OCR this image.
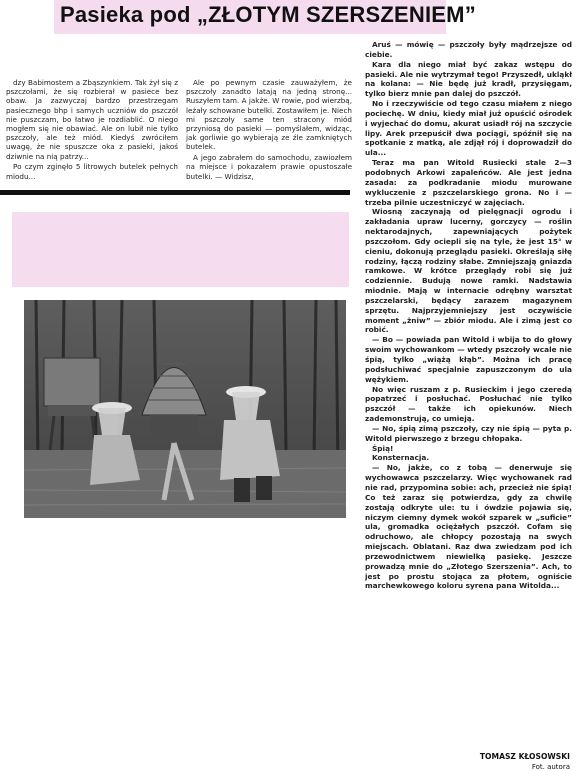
Pasieka pod „ZŁOTYM SZERSZENIEM”

dzy Babimostem a Zbąszynkiem. Tak żył się z pszczołami, że się rozbierał w pasiece bez obaw. Ja zazwyczaj bardzo przestrzegam pasiecznego bhp i samych uczniów do pszczół nie puszczam, bo łatwo je rozdiablić. O niego mogłem się nie obawiać. Ale on lubił nie tylko pszczoły, ale też miód. Kiedyś zwróciłem uwagę, że nie spuszcze oka z pasieki, jakoś dziwnie na nią patrzy...

Po czym zginęło 5 litrowych butelek pełnych miodu...

Ale po pewnym czasie zauważyłem, że pszczoły zanadto latają na jedną stronę... Ruszyłem tam. A jakże. W rowie, pod wierzbą, leżały schowane butelki. Zostawiłem je. Niech mi pszczoły same ten stracony miód przyniosą do pasieki — pomyślałem, widząc, jak gorliwie go wybierają ze źle zamkniętych butelek.

A jego zabrałem do samochodu, zawiozłem na miejsce i pokazałem prawie opustoszałe butelki. — Widzisz,

Aruś — mówię — pszczoły były mądrzejsze od ciebie.

Kara dla niego miał być zakaz wstępu do pasieki. Ale nie wytrzymał tego! Przyszedł, ukląkł na kolana: — Nie będę już kradł, przysięgam, tylko bierz mnie pan dalej do pszczół.

No i rzeczywiście od tego czasu miałem z niego pociechę. W dniu, kiedy miał już opuścić ośrodek i wyjechać do domu, akurat usiadł rój na szczycie lipy. Arek przepuścił dwa pociągi, spóźnił się na spotkanie z matką, ale zdjął rój i doprowadził do ula...

Teraz ma pan Witold Rusiecki stale 2—3 podobnych Arkowi zapaleńców. Ale jest jedna zasada: za podkradanie miodu murowane wykluczenie z pszczelarskiego grona. No i — trzeba pilnie uczestniczyć w zajęciach.

Wiosną zaczynają od pielęgnacji ogrodu i zakładania upraw lucerny, gorczycy — roślin nektarodajnych, zapewniających pożytek pszczołom. Gdy ociepli się na tyle, że jest 15° w cieniu, dokonują przeglądu pasieki. Określają siłę rodziny, łączą rodziny słabe. Zmniejszają gniazda ramkowe. W krótce przeglądy robi się już codziennie. Budują nowe ramki. Nadstawia miodnie. Mają w internacie odrębny warsztat pszczelarski, będący zarazem magazynem sprzętu. Najprzyjemniejszy jest oczywiście moment „żniw” — zbiór miodu. Ale i zimą jest co robić.

— Bo — powiada pan Witold i wbija to do głowy swoim wychowankom — wtedy pszczoły wcale nie śpią, tylko „wiążą kłąb”. Można ich pracę podsłuchiwać specjalnie zapuszczonym do ula wężykiem.

No więc ruszam z p. Rusieckim i jego czeredą popatrzeć i posłuchać. Posłuchać nie tylko pszczół — także ich opiekunów. Niech zademonstrują, co umieją.

— No, śpią zimą pszczoły, czy nie śpią — pyta p. Witold pierwszego z brzegu chłopaka.

Śpią!

Konsternacja.

— No, jakże, co z tobą — denerwuje się wychowawca pszczelarzy. Więc wychowanek rad nie rad, przypomina sobie: ach, przecież nie śpią! Co też zaraz się potwierdza, gdy za chwilę zostają odkryte ule: tu i ówdzie pojawia się, niczym ciemny dymek wokół szparek w „suficie” ula, gromadka ociężałych pszczół. Cofam się odruchowo, ale chłopcy pozostają na swych miejscach. Oblatani. Raz dwa zwiedzam pod ich przewodnictwem niewielką pasiekę. Jeszcze prowadzą mnie do „Złotego Szerszenia”. Ach, to jest po prostu stojąca za płotem, ogniście marchewkowego koloru syrena pana Witolda...

TOMASZ KŁOSOWSKI
Fot. autora
